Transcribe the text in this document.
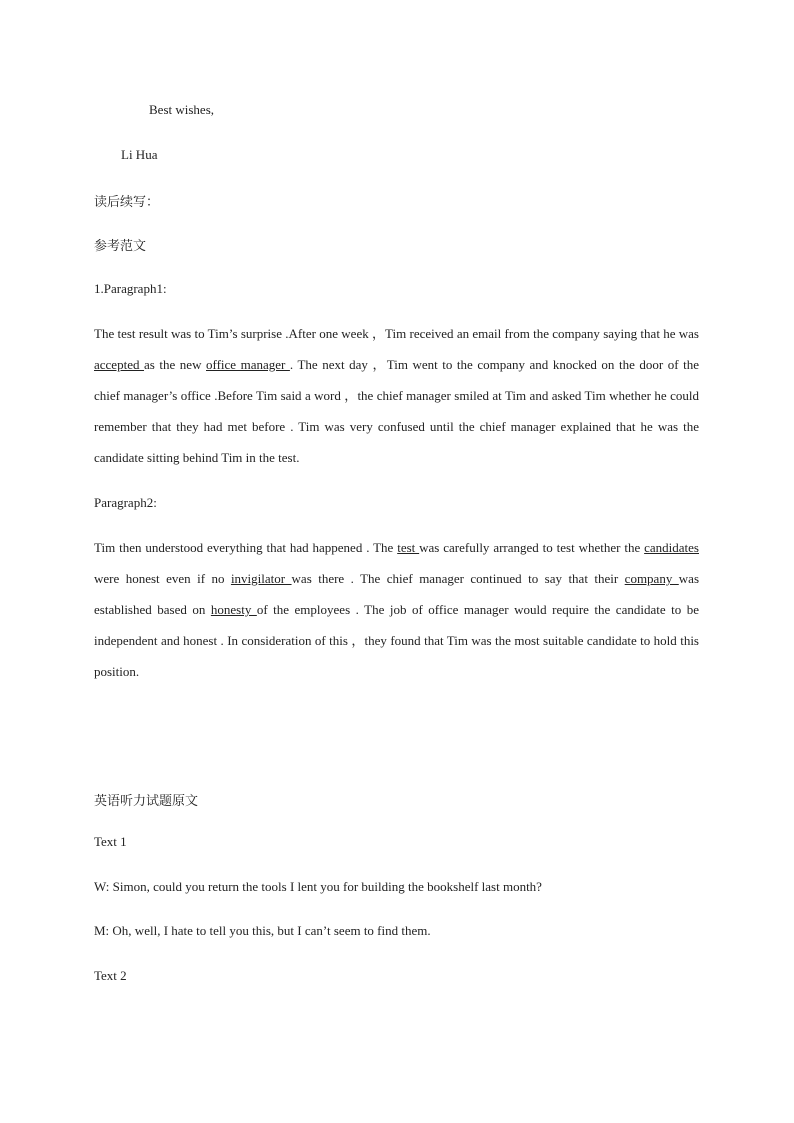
Best wishes,
Li Hua
读后续写：
参考范文
1.Paragraph1:
The test result was to Tim’s surprise .After one week ，Tim received an email from the company saying that he was accepted as the new office manager . The next day ，Tim went to the company and knocked on the door of the chief manager’s office .Before Tim said a word ，the chief manager smiled at Tim and asked Tim whether he could remember that they had met before . Tim was very confused until the chief manager explained that he was the candidate sitting behind Tim in the test.
Paragraph2:
Tim then understood everything that had happened . The test was carefully arranged to test whether the candidates were honest even if no invigilator was there . The chief manager continued to say that their company was established based on honesty of the employees . The job of office manager would require the candidate to be independent and honest . In consideration of this ，they found that Tim was the most suitable candidate to hold this position.
英语听力试题原文
Text 1
W: Simon, could you return the tools I lent you for building the bookshelf last month?
M: Oh, well, I hate to tell you this, but I can’t seem to find them.
Text 2
